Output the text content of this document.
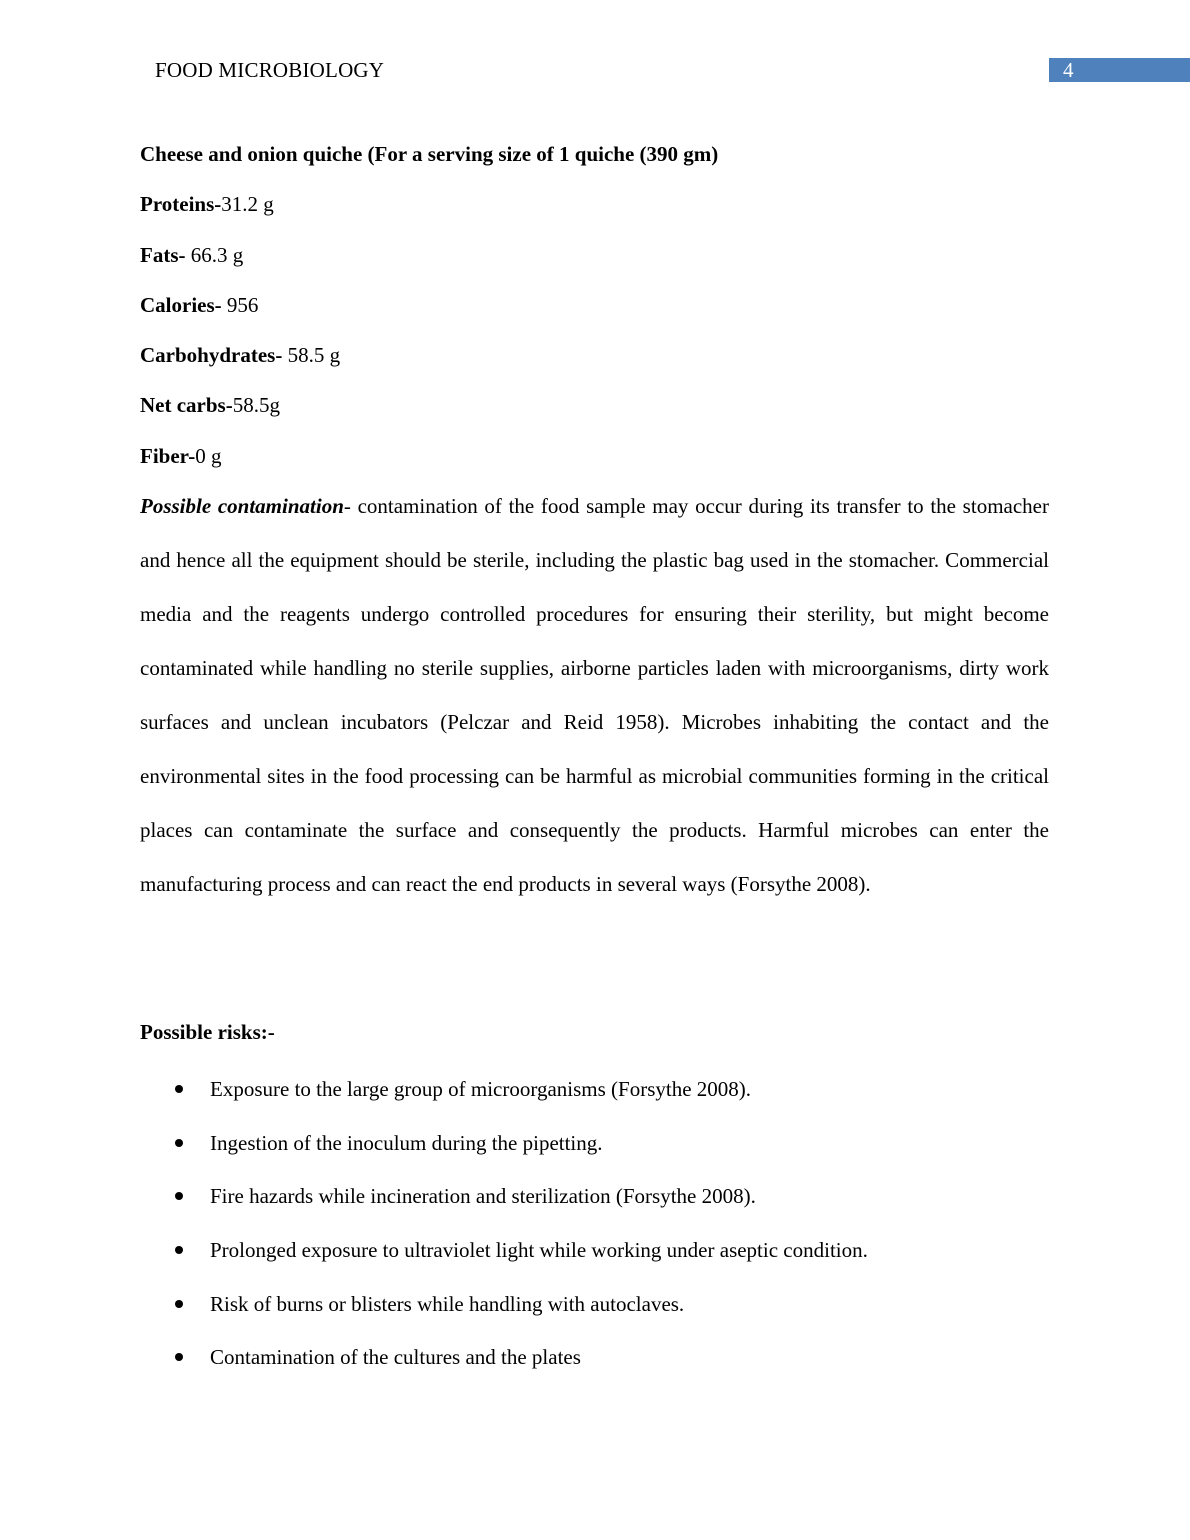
FOOD MICROBIOLOGY	4
Cheese and onion quiche (For a serving size of 1 quiche (390 gm)
Proteins-31.2 g
Fats- 66.3 g
Calories- 956
Carbohydrates- 58.5 g
Net carbs-58.5g
Fiber-0 g

Possible contamination- contamination of the food sample may occur during its transfer to the stomacher and hence all the equipment should be sterile, including the plastic bag used in the stomacher. Commercial media and the reagents undergo controlled procedures for ensuring their sterility, but might become contaminated while handling no sterile supplies, airborne particles laden with microorganisms, dirty work surfaces and unclean incubators (Pelczar and Reid 1958). Microbes inhabiting the contact and the environmental sites in the food processing can be harmful as microbial communities forming in the critical places can contaminate the surface and consequently the products. Harmful microbes can enter the manufacturing process and can react the end products in several ways (Forsythe 2008).

Possible risks:-
Exposure to the large group of microorganisms (Forsythe 2008).
Ingestion of the inoculum during the pipetting.
Fire hazards while incineration and sterilization (Forsythe 2008).
Prolonged exposure to ultraviolet light while working under aseptic condition.
Risk of burns or blisters while handling with autoclaves.
Contamination of the cultures and the plates
